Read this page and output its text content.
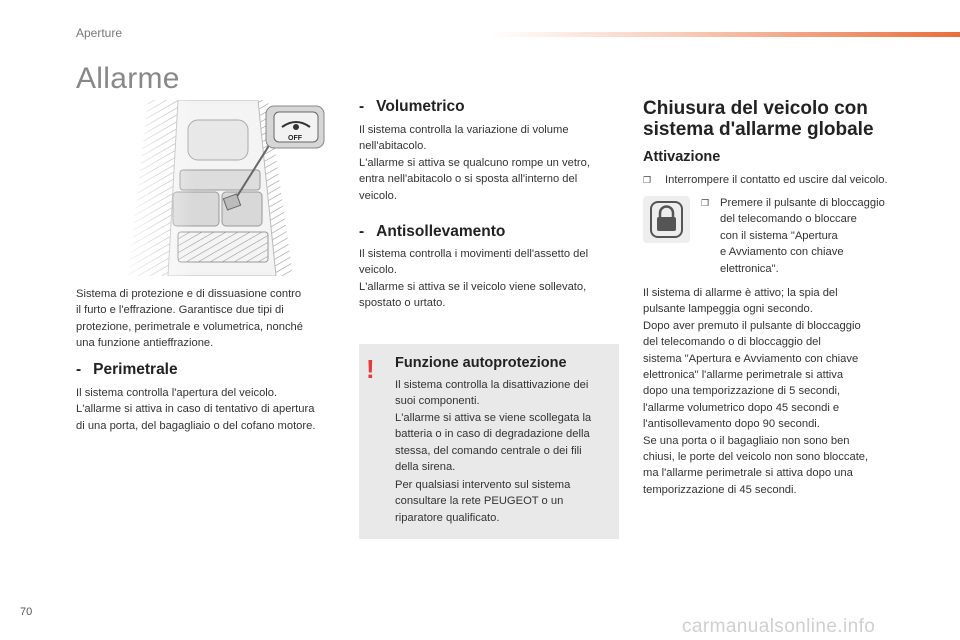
Aperture
Allarme
OFF
Sistema di protezione e di dissuasione contro
il furto e l'effrazione. Garantisce due tipi di
protezione, perimetrale e volumetrica, nonché
una funzione antieffrazione.
- Perimetrale
Il sistema controlla l'apertura del veicolo.
L'allarme si attiva in caso di tentativo di apertura
di una porta, del bagagliaio o del cofano motore.
- Volumetrico
Il sistema controlla la variazione di volume
nell'abitacolo.
L'allarme si attiva se qualcuno rompe un vetro,
entra nell'abitacolo o si sposta all'interno del
veicolo.
- Antisollevamento
Il sistema controlla i movimenti dell'assetto del
veicolo.
L'allarme si attiva se il veicolo viene sollevato,
spostato o urtato.
! Funzione autoprotezione
Il sistema controlla la disattivazione dei
suoi componenti.
L'allarme si attiva se viene scollegata la
batteria o in caso di degradazione della
stessa, del comando centrale o dei fili
della sirena.
Per qualsiasi intervento sul sistema
consultare la rete PEUGEOT o un
riparatore qualificato.
Chiusura del veicolo con
sistema d'allarme globale
Attivazione
❒ Interrompere il contatto ed uscire dal veicolo.
❒ Premere il pulsante di bloccaggio
del telecomando o bloccare
con il sistema "Apertura
e Avviamento con chiave
elettronica".
Il sistema di allarme è attivo; la spia del
pulsante lampeggia ogni secondo.
Dopo aver premuto il pulsante di bloccaggio
del telecomando o di bloccaggio del
sistema "Apertura e Avviamento con chiave
elettronica" l'allarme perimetrale si attiva
dopo una temporizzazione di 5 secondi,
l'allarme volumetrico dopo 45 secondi e
l'antisollevamento dopo 90 secondi.
Se una porta o il bagagliaio non sono ben
chiusi, le porte del veicolo non sono bloccate,
ma l'allarme perimetrale si attiva dopo una
temporizzazione di 45 secondi.
70
carmanualsonline.info
